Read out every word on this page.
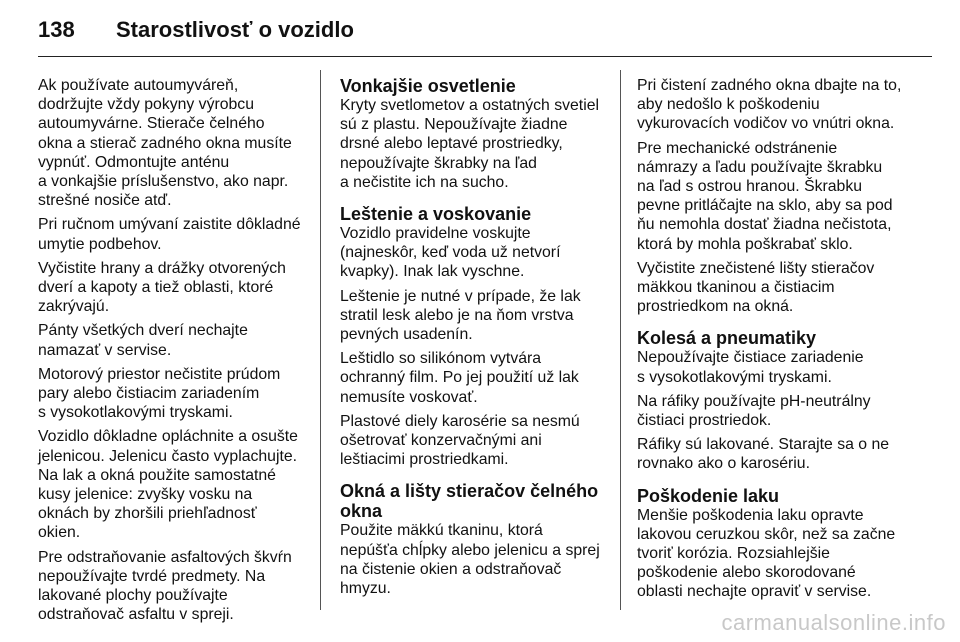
138	Starostlivosť o vozidlo

Ak používate autoumyváreň,
dodržujte vždy pokyny výrobcu
autoumyvárne. Stierače čelného
okna a stierač zadného okna musíte
vypnúť. Odmontujte anténu
a vonkajšie príslušenstvo, ako napr.
strešné nosiče atď.

Pri ručnom umývaní zaistite dôkladné
umytie podbehov.

Vyčistite hrany a drážky otvorených
dverí a kapoty a tiež oblasti, ktoré
zakrývajú.

Pánty všetkých dverí nechajte
namazať v servise.

Motorový priestor nečistite prúdom
pary alebo čistiacim zariadením
s vysokotlakovými tryskami.

Vozidlo dôkladne opláchnite a osušte
jelenicou. Jelenicu často vyplachujte.
Na lak a okná použite samostatné
kusy jelenice: zvyšky vosku na
oknách by zhoršili priehľadnosť
okien.

Pre odstraňovanie asfaltových škvŕn
nepoužívajte tvrdé predmety. Na
lakované plochy používajte
odstraňovač asfaltu v spreji.

Vonkajšie osvetlenie

Kryty svetlometov a ostatných svetiel
sú z plastu. Nepoužívajte žiadne
drsné alebo leptavé prostriedky,
nepoužívajte škrabky na ľad
a nečistite ich na sucho.

Leštenie a voskovanie

Vozidlo pravidelne voskujte
(najneskôr, keď voda už netvorí
kvapky). Inak lak vyschne.

Leštenie je nutné v prípade, že lak
stratil lesk alebo je na ňom vrstva
pevných usadenín.

Leštidlo so silikónom vytvára
ochranný film. Po jej použití už lak
nemusíte voskovať.

Plastové diely karosérie sa nesmú
ošetrovať konzervačnými ani
leštiacimi prostriedkami.

Okná a lišty stieračov čelného
okna

Použite mäkkú tkaninu, ktorá
nepúšťa chĺpky alebo jelenicu a sprej
na čistenie okien a odstraňovač
hmyzu.

Pri čistení zadného okna dbajte na to,
aby nedošlo k poškodeniu
vykurovacích vodičov vo vnútri okna.

Pre mechanické odstránenie
námrazy a ľadu používajte škrabku
na ľad s ostrou hranou. Škrabku
pevne pritláčajte na sklo, aby sa pod
ňu nemohla dostať žiadna nečistota,
ktorá by mohla poškrabať sklo.

Vyčistite znečistené lišty stieračov
mäkkou tkaninou a čistiacim
prostriedkom na okná.

Kolesá a pneumatiky

Nepoužívajte čistiace zariadenie
s vysokotlakovými tryskami.

Na ráfiky používajte pH-neutrálny
čistiaci prostriedok.

Ráfiky sú lakované. Starajte sa o ne
rovnako ako o karosériu.

Poškodenie laku

Menšie poškodenia laku opravte
lakovou ceruzkou skôr, než sa začne
tvoriť korózia. Rozsiahlejšie
poškodenie alebo skorodované
oblasti nechajte opraviť v servise.

carmanualsonline.info
